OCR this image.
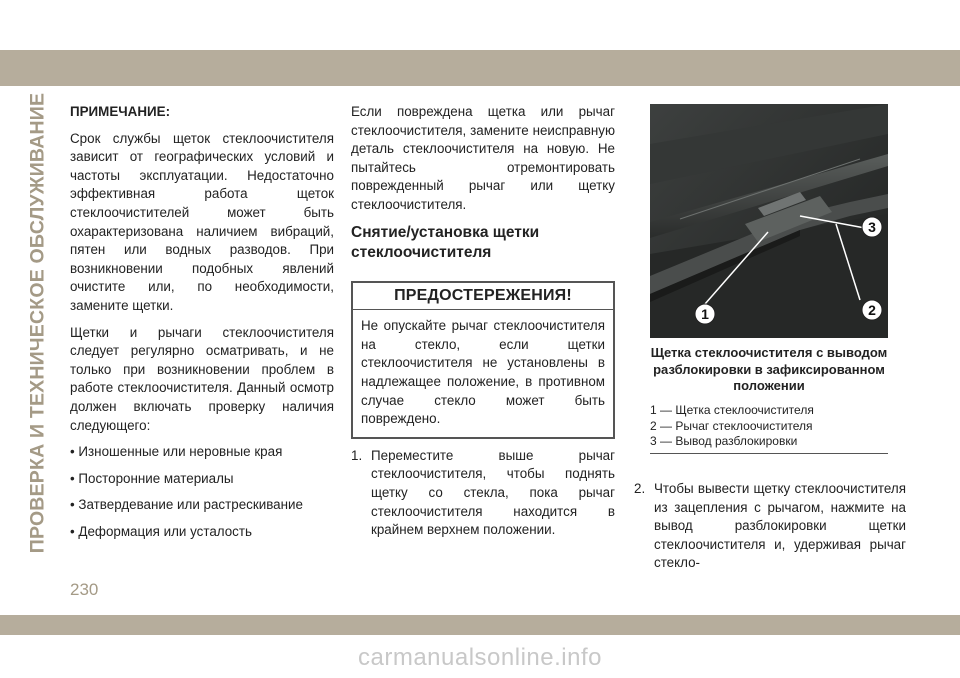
ПРОВЕРКА И ТЕХНИЧЕСКОЕ ОБСЛУЖИВАНИЕ ПРИМЕЧАНИЕ:

Срок службы щеток стеклоочистителя зависит от географических условий и частоты эксплуатации. Недостаточно эффективная работа щеток стеклоочистителей может быть охарактеризована наличием вибраций, пятен или водных разводов. При возникновении подобных явлений очистите или, по необходимости, замените щетки.

Щетки и рычаги стеклоочистителя следует регулярно осматривать, и не только при возникновении проблем в работе стеклоочистителя. Данный осмотр должен включать проверку наличия следующего:

• Изношенные или неровные края

• Посторонние материалы

• Затвердевание или растрескивание

• Деформация или усталость

Если повреждена щетка или рычаг стеклоочистителя, замените неисправную деталь стеклоочистителя на новую. Не пытайтесь отремонтировать поврежденный рычаг или щетку стеклоочистителя.

Снятие/установка щетки стеклоочистителя
ПРЕДОСТЕРЕЖЕНИЯ!
Не опускайте рычаг стеклоочистителя на стекло, если щетки стеклоочистителя не установлены в надлежащее положение, в противном случае стекло может быть повреждено.
1. Переместите выше рычаг стеклоочистителя, чтобы поднять щетку со стекла, пока рычаг стеклоочистителя находится в крайнем верхнем положении.
3
2
1
Щетка стеклоочистителя с выводом разблокировки в зафиксированном положении
1 — Щетка стеклоочистителя
2 — Рычаг стеклоочистителя
3 — Вывод разблокировки
2. Чтобы вывести щетку стеклоочистителя из зацепления с рычагом, нажмите на вывод разблокировки щетки стеклоочистителя и, удерживая рычаг стекло-
230
carmanualsonline.info
